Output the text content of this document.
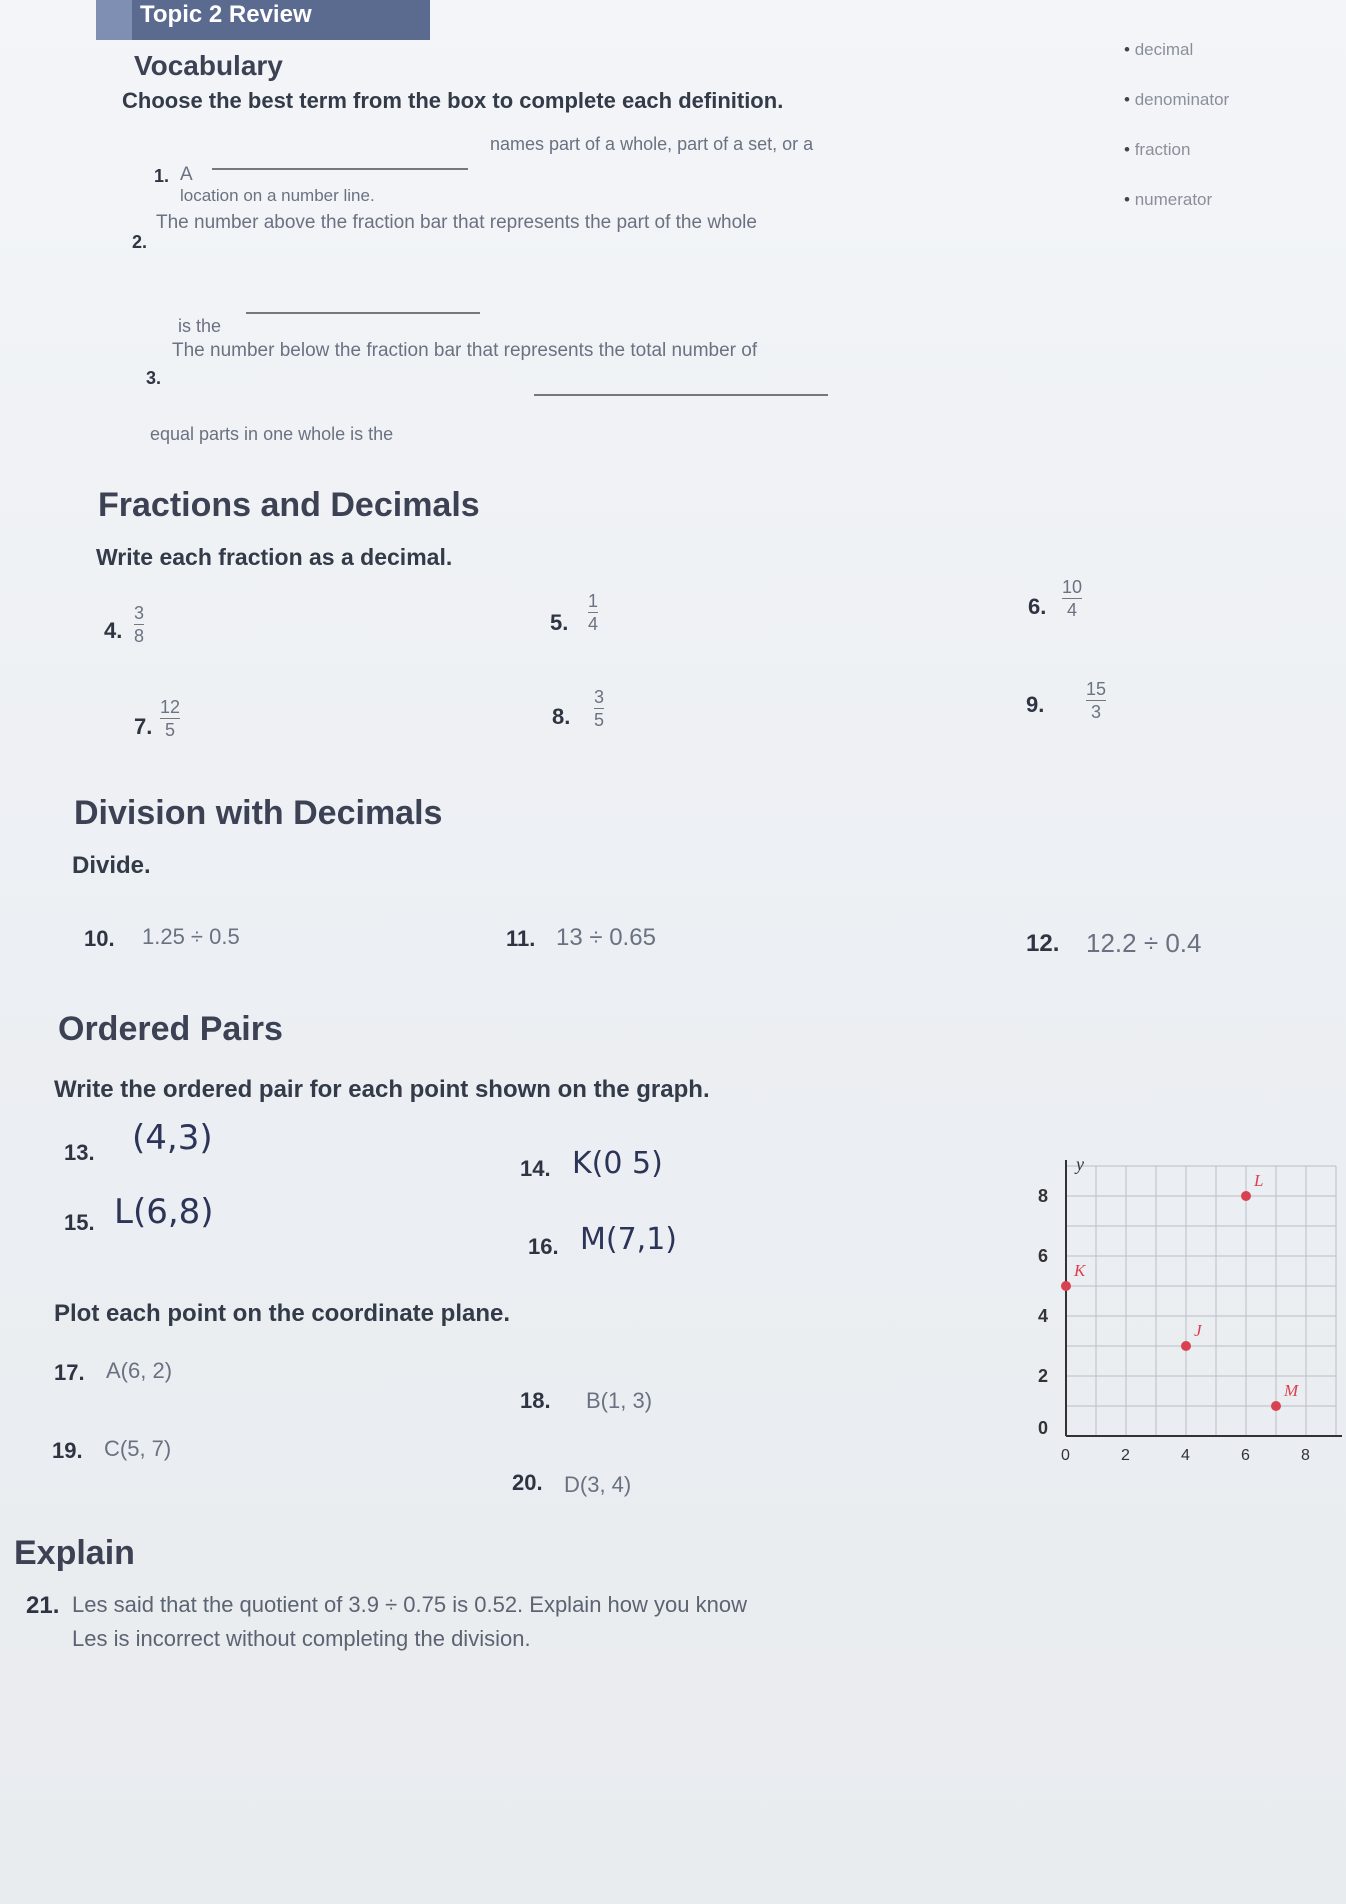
Topic 2 Review
Vocabulary
Choose the best term from the box to complete each definition.
• decimal
• denominator
• fraction
• numerator
1. A
names part of a whole, part of a set, or a
location on a number line.
2.
The number above the fraction bar that represents the part of the whole
is the
3.
The number below the fraction bar that represents the total number of
equal parts in one whole is the
Fractions and Decimals
Write each fraction as a decimal.
4.
3
8
5.
1
4
6.
10
4
7.
12
5
8.
3
5
9.
15
3
Division with Decimals
Divide.
10. 1.25 ÷ 0.5	11. 13 ÷ 0.65	12. 12.2 ÷ 0.4
Ordered Pairs
Write the ordered pair for each point shown on the graph.
13. (4,3)
14. K(0 5)
15. L(6,8)
16. M(7,1)
Plot each point on the coordinate plane.
17. A(6, 2)
18. B(1, 3)
19. C(5, 7)
20. D(3, 4)
y
0
2
4
6
8
0	2	4	6	8
L
K
J
M
Explain
21. Les said that the quotient of 3.9 ÷ 0.75 is 0.52. Explain how you know
Les is incorrect without completing the division.
